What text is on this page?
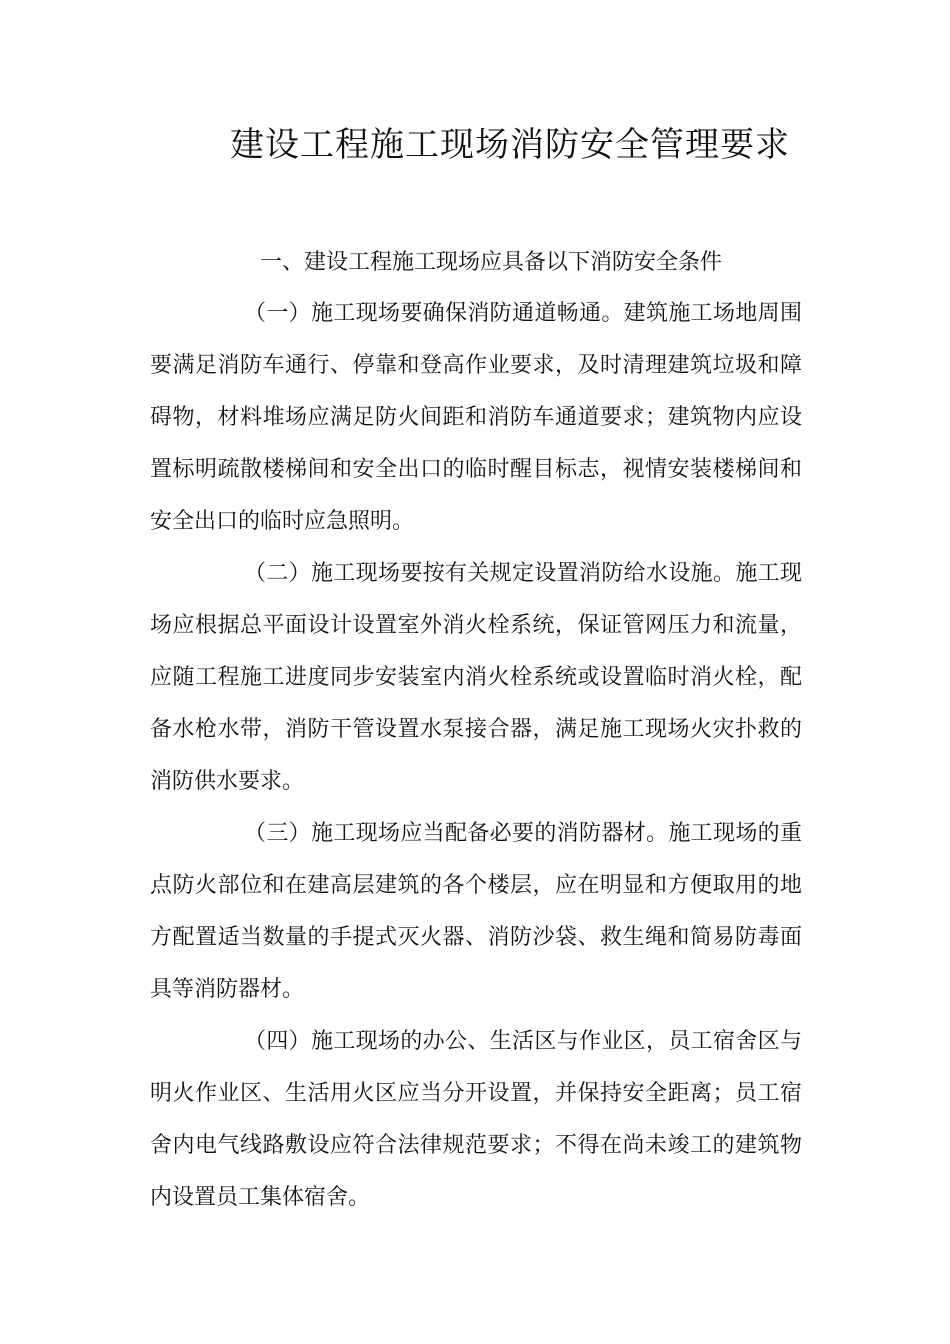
建设工程施工现场消防安全管理要求
一、建设工程施工现场应具备以下消防安全条件

（一）施工现场要确保消防通道畅通。建筑施工场地周围要满足消防车通行、停靠和登高作业要求，及时清理建筑垃圾和障碍物，材料堆场应满足防火间距和消防车通道要求；建筑物内应设置标明疏散楼梯间和安全出口的临时醒目标志，视情安装楼梯间和安全出口的临时应急照明。

（二）施工现场要按有关规定设置消防给水设施。施工现场应根据总平面设计设置室外消火栓系统，保证管网压力和流量，应随工程施工进度同步安装室内消火栓系统或设置临时消火栓，配备水枪水带，消防干管设置水泵接合器，满足施工现场火灾扑救的消防供水要求。

（三）施工现场应当配备必要的消防器材。施工现场的重点防火部位和在建高层建筑的各个楼层，应在明显和方便取用的地方配置适当数量的手提式灭火器、消防沙袋、救生绳和简易防毒面具等消防器材。

（四）施工现场的办公、生活区与作业区，员工宿舍区与明火作业区、生活用火区应当分开设置，并保持安全距离；员工宿舍内电气线路敷设应符合法律规范要求；不得在尚未竣工的建筑物内设置员工集体宿舍。
